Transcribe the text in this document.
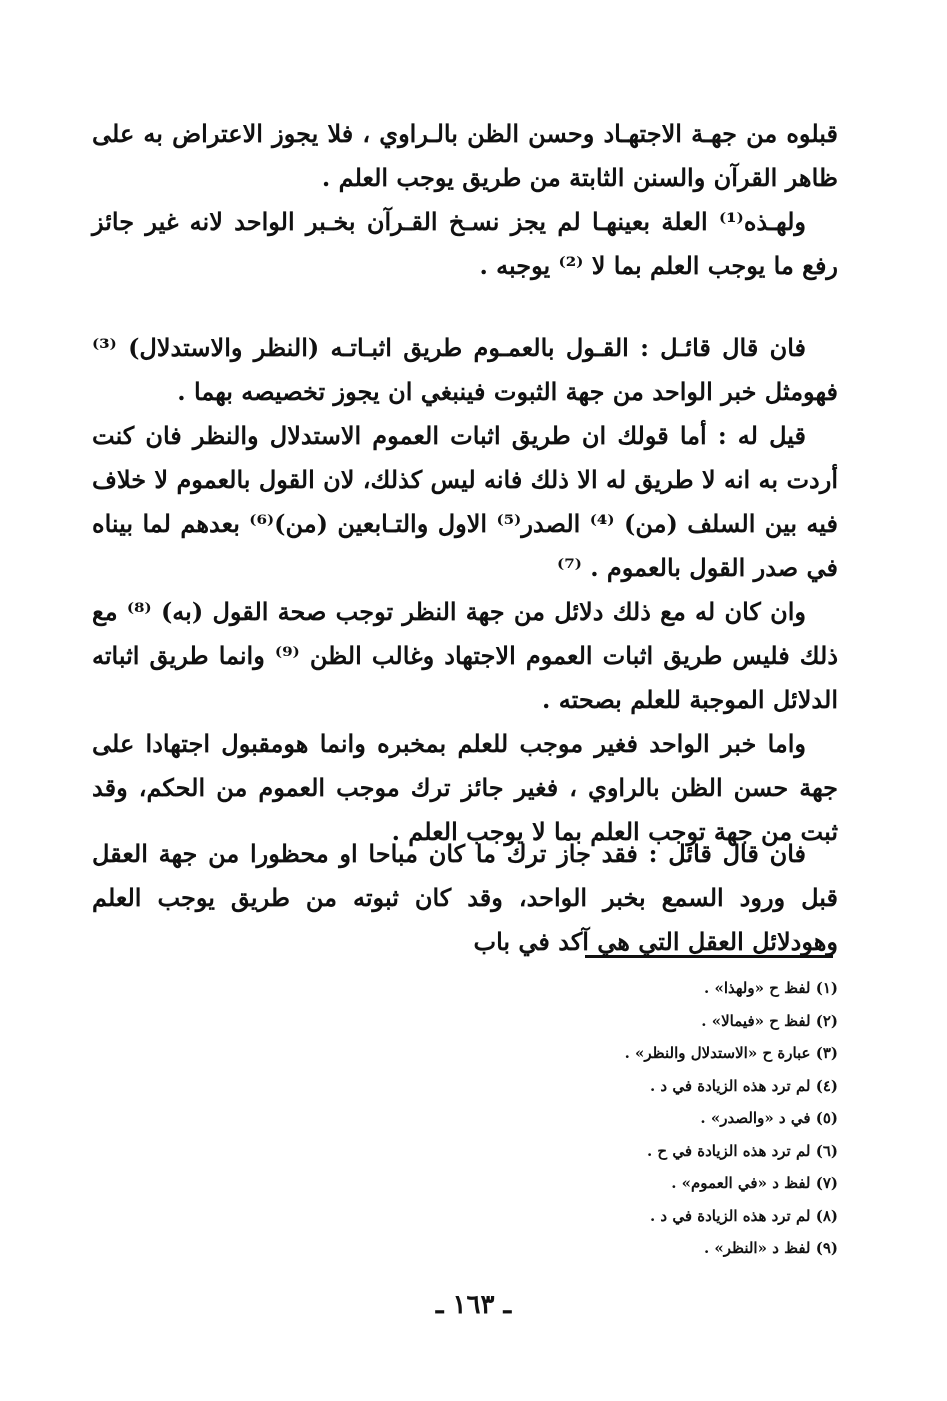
قبلوه من جهـة الاجتهـاد وحسن الظن بالـراوي ، فلا يجوز الاعتراض به على ظاهر القرآن والسنن الثابتة من طريق يوجب العلم .

ولهـذه⁽¹⁾ العلة بعينهـا لم يجز نسـخ القـرآن بخـبر الواحد لانه غير جائز رفع ما يوجب العلم بما لا ⁽²⁾ يوجبه .

فان قال قائـل : القـول بالعمـوم طريق اثبـاتـه (النظر والاستدلال) ⁽³⁾ فهومثل خبر الواحد من جهة الثبوت فينبغي ان يجوز تخصيصه بهما .

قيل له : أما قولك ان طريق اثبات العموم الاستدلال والنظر فان كنت أردت به انه لا طريق له الا ذلك فانه ليس كذلك، لان القول بالعموم لا خلاف فيه بين السلف (من) ⁽⁴⁾ الصدر⁽⁵⁾ الاول والتـابعين (من)⁽⁶⁾ بعدهم لما بيناه في صدر القول بالعموم . ⁽⁷⁾

وان كان له مع ذلك دلائل من جهة النظر توجب صحة القول (به) ⁽⁸⁾ مع ذلك فليس طريق اثبات العموم الاجتهاد وغالب الظن ⁽⁹⁾ وانما طريق اثباته الدلائل الموجبة للعلم بصحته .

واما خبر الواحد فغير موجب للعلم بمخبره وانما هومقبول اجتهادا على جهة حسن الظن بالراوي ، فغير جائز ترك موجب العموم من الحكم، وقد ثبت من جهة توجب العلم بما لا يوجب العلم .

فان قال قائل : فقد جاز ترك ما كان مباحا او محظورا من جهة العقل قبل ورود السمع بخبر الواحد، وقد كان ثبوته من طريق يوجب العلم وهودلائل العقل التي هي آكد في باب

(١) لفظ ح «ولهذا» .
(٢) لفظ ح «فيمالا» .
(٣) عبارة ح «الاستدلال والنظر» .
(٤) لم ترد هذه الزيادة في د .
(٥) في د «والصدر» .
(٦) لم ترد هذه الزيادة في ح .
(٧) لفظ د «في العموم» .
(٨) لم ترد هذه الزيادة في د .
(٩) لفظ د «النظر» .
ـ ١٦٣ ـ
